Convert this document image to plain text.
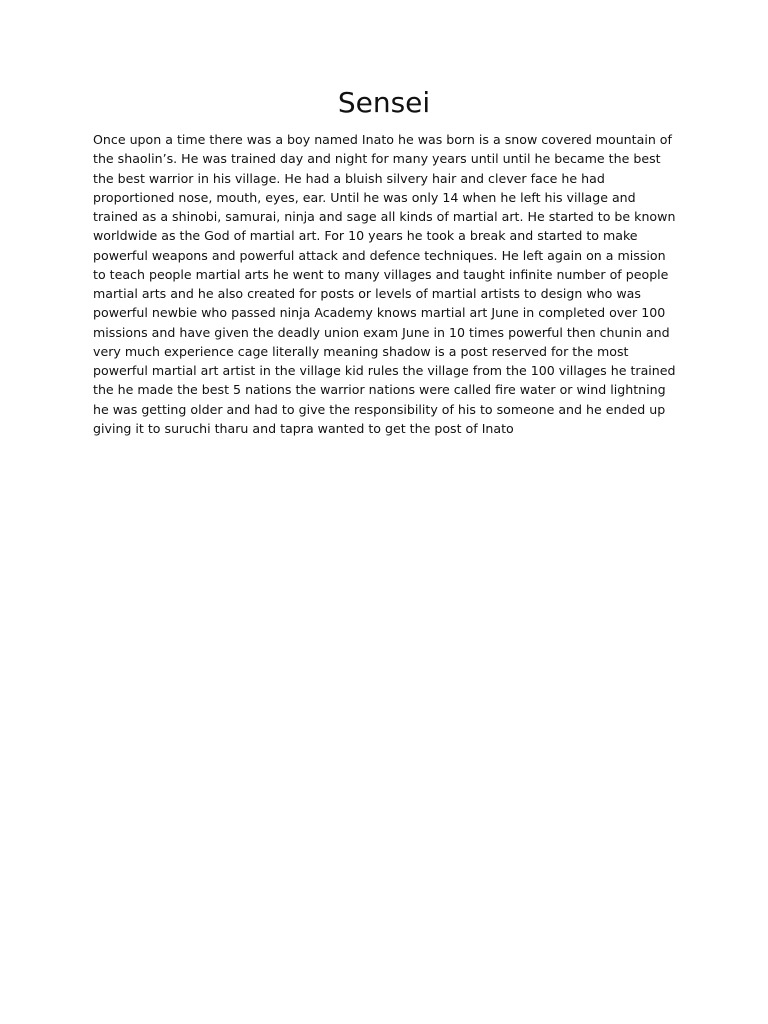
Sensei

Once upon a time there was a boy named Inato he was born is a snow covered mountain of
the shaolin’s. He was trained day and night for many years until until he became the best
the best warrior in his village. He had a bluish silvery hair and clever face he had
proportioned nose, mouth, eyes, ear. Until he was only 14 when he left his village and
trained as a shinobi, samurai, ninja and sage all kinds of martial art. He started to be known
worldwide as the God of martial art. For 10 years he took a break and started to make
powerful weapons and powerful attack and defence techniques. He left again on a mission
to teach people martial arts he went to many villages and taught infinite number of people
martial arts and he also created for posts or levels of martial artists to design who was
powerful newbie who passed ninja Academy knows martial art June in completed over 100
missions and have given the deadly union exam June in 10 times powerful then chunin and
very much experience cage literally meaning shadow is a post reserved for the most
powerful martial art artist in the village kid rules the village from the 100 villages he trained
the he made the best 5 nations the warrior nations were called fire water or wind lightning
he was getting older and had to give the responsibility of his to someone and he ended up
giving it to suruchi tharu and tapra wanted to get the post of Inato
